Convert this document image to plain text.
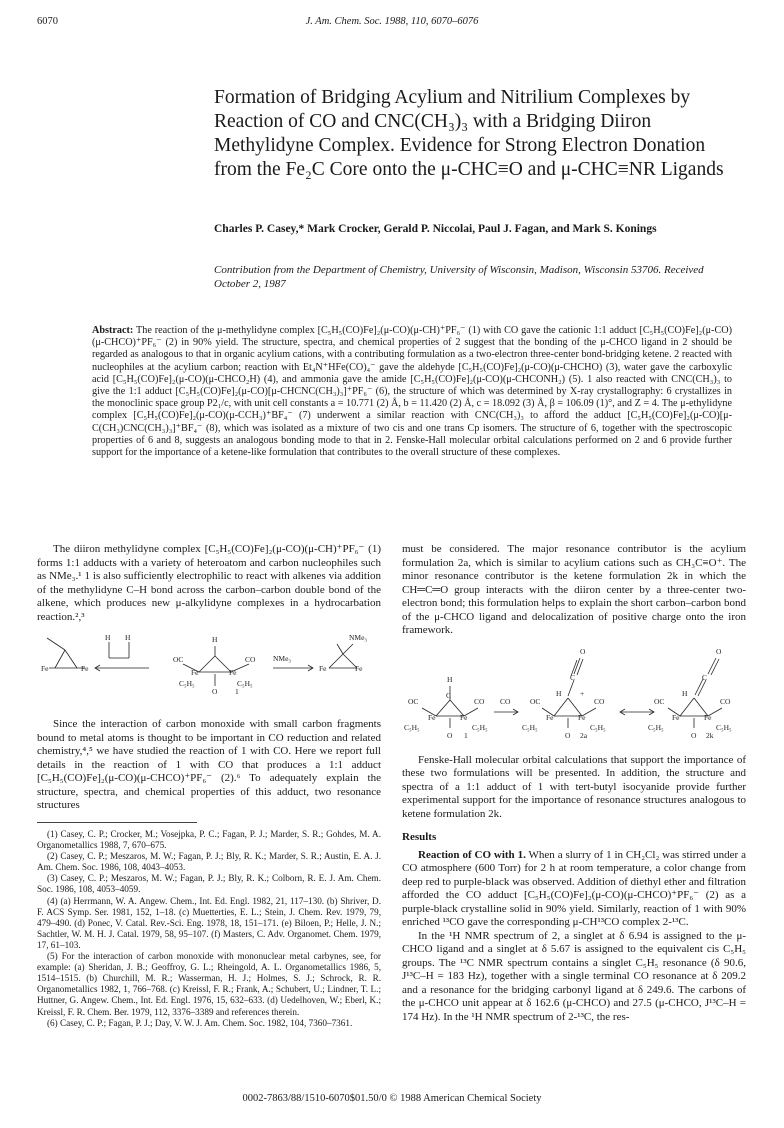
6070	J. Am. Chem. Soc. 1988, 110, 6070–6076
Formation of Bridging Acylium and Nitrilium Complexes by Reaction of CO and CNC(CH₃)₃ with a Bridging Diiron Methylidyne Complex. Evidence for Strong Electron Donation from the Fe₂C Core onto the μ-CHC≡O and μ-CHC≡NR Ligands
Charles P. Casey,* Mark Crocker, Gerald P. Niccolai, Paul J. Fagan, and Mark S. Konings
Contribution from the Department of Chemistry, University of Wisconsin, Madison, Wisconsin 53706. Received October 2, 1987
Abstract: The reaction of the μ-methylidyne complex [C₅H₅(CO)Fe]₂(μ-CO)(μ-CH)⁺PF₆⁻ (1) with CO gave the cationic 1:1 adduct [C₅H₅(CO)Fe]₂(μ-CO)(μ-CHCO)⁺PF₆⁻ (2) in 90% yield. The structure, spectra, and chemical properties of 2 suggest that the bonding of the μ-CHCO ligand in 2 should be regarded as analogous to that in organic acylium cations, with a contributing formulation as a two-electron three-center bond-bridging ketene. 2 reacted with nucleophiles at the acylium carbon; reaction with Et₄N⁺HFe(CO)₄⁻ gave the aldehyde [C₅H₅(CO)Fe]₂(μ-CO)(μ-CHCHO) (3), water gave the carboxylic acid [C₅H₅(CO)Fe]₂(μ-CO)(μ-CHCO₂H) (4), and ammonia gave the amide [C₅H₅(CO)Fe]₂(μ-CO)(μ-CHCONH₂) (5). 1 also reacted with CNC(CH₃)₃ to give the 1:1 adduct [C₅H₅(CO)Fe]₂(μ-CO)[μ-CHCNC(CH₃)₃]⁺PF₆⁻ (6), the structure of which was determined by X-ray crystallography: 6 crystallizes in the monoclinic space group P2₁/c, with unit cell constants a = 10.771 (2) Å, b = 11.420 (2) Å, c = 18.092 (3) Å, β = 106.09 (1)°, and Z = 4. The μ-ethylidyne complex [C₅H₅(CO)Fe]₂(μ-CO)(μ-CCH₃)⁺BF₄⁻ (7) underwent a similar reaction with CNC(CH₃)₃ to afford the adduct [C₅H₅(CO)Fe]₂(μ-CO)[μ-C(CH₃)CNC(CH₃)₃]⁺BF₄⁻ (8), which was isolated as a mixture of two cis and one trans Cp isomers. The structure of 6, together with the spectroscopic properties of 6 and 8, suggests an analogous bonding mode to that in 2. Fenske-Hall molecular orbital calculations performed on 2 and 6 provide further support for the importance of a ketene-like formulation that contributes to the overall structure of these complexes.
The diiron methylidyne complex [C₅H₅(CO)Fe]₂(μ-CO)(μ-CH)⁺PF₆⁻ (1) forms 1:1 adducts with a variety of heteroatom and carbon nucleophiles such as NMe₃.¹ 1 is also sufficiently electrophilic to react with alkenes via addition of the methylidyne C–H bond across the carbon–carbon double bond of the alkene, which produces new μ-alkylidyne complexes in a hydrocarbation reaction.²,³
H H
OC	CO NMe₃
H	NMe₃
Fe	Fe	Fe	Fe	Fe	Fe
C₅H₅	C₅H₅
O 1
Since the interaction of carbon monoxide with small carbon fragments bound to metal atoms is thought to be important in CO reduction and related chemistry,⁴,⁵ we have studied the reaction of 1 with CO. Here we report full details in the reaction of 1 with CO that produces a 1:1 adduct [C₅H₅(CO)Fe]₂(μ-CO)(μ-CHCO)⁺PF₆⁻ (2).⁶ To adequately explain the structure, spectra, and chemical properties of this adduct, two resonance structures
(1) Casey, C. P.; Crocker, M.; Vosejpka, P. C.; Fagan, P. J.; Marder, S. R.; Gohdes, M. A. Organometallics 1988, 7, 670–675.
(2) Casey, C. P.; Meszaros, M. W.; Fagan, P. J.; Bly, R. K.; Marder, S. R.; Austin, E. A. J. Am. Chem. Soc. 1986, 108, 4043–4053.
(3) Casey, C. P.; Meszaros, M. W.; Fagan, P. J.; Bly, R. K.; Colborn, R. E. J. Am. Chem. Soc. 1986, 108, 4053–4059.
(4) (a) Herrmann, W. A. Angew. Chem., Int. Ed. Engl. 1982, 21, 117–130. (b) Shriver, D. F. ACS Symp. Ser. 1981, 152, 1–18. (c) Muetterties, E. L.; Stein, J. Chem. Rev. 1979, 79, 479–490. (d) Ponec, V. Catal. Rev.-Sci. Eng. 1978, 18, 151–171. (e) Biloen, P.; Helle, J. N.; Sachtler, W. M. H. J. Catal. 1979, 58, 95–107. (f) Masters, C. Adv. Organomet. Chem. 1979, 17, 61–103.
(5) For the interaction of carbon monoxide with mononuclear metal carbynes, see, for example: (a) Sheridan, J. B.; Geoffroy, G. L.; Rheingold, A. L. Organometallics 1986, 5, 1514–1515. (b) Churchill, M. R.; Wasserman, H. J.; Holmes, S. J.; Schrock, R. R. Organometallics 1982, 1, 766–768. (c) Kreissl, F. R.; Frank, A.; Schubert, U.; Lindner, T. L.; Huttner, G. Angew. Chem., Int. Ed. Engl. 1976, 15, 632–633. (d) Uedelhoven, W.; Eberl, K.; Kreissl, F. R. Chem. Ber. 1979, 112, 3376–3389 and references therein.
(6) Casey, C. P.; Fagan, P. J.; Day, V. W. J. Am. Chem. Soc. 1982, 104, 7360–7361.
must be considered. The major resonance contributor is the acylium formulation 2a, which is similar to acylium cations such as CH₃C≡O⁺. The minor resonance contributor is the ketene formulation 2k in which the CH═C═O group interacts with the diiron center by a three-center two-electron bond; this formulation helps to explain the short carbon–carbon bond of the μ-CHCO ligand and delocalization of positive charge onto the iron framework.
O	O
H	C
H
C
H
C	+
OC	CO CO	OC	CO	OC	CO
Fe	Fe	Fe	Fe	Fe	Fe
C₅H₅	C₅H₅	C₅H₅	C₅H₅	C₅H₅	C₅H₅
O 1	O 2a	O 2k
Fenske-Hall molecular orbital calculations that support the importance of these two formulations will be presented. In addition, the structure and spectra of a 1:1 adduct of 1 with tert-butyl isocyanide provide further experimental support for the importance of resonance structures analogous to ketene formulation 2k.
Results
Reaction of CO with 1. When a slurry of 1 in CH₂Cl₂ was stirred under a CO atmosphere (600 Torr) for 2 h at room temperature, a color change from deep red to purple-black was observed. Addition of diethyl ether and filtration afforded the CO adduct [C₅H₅(CO)Fe]₂(μ-CO)(μ-CHCO)⁺PF₆⁻ (2) as a purple-black crystalline solid in 90% yield. Similarly, reaction of 1 with 90% enriched ¹³CO gave the corresponding μ-CH¹³CO complex 2-¹³C.
In the ¹H NMR spectrum of 2, a singlet at δ 6.94 is assigned to the μ-CHCO ligand and a singlet at δ 5.67 is assigned to the equivalent cis C₅H₅ groups. The ¹³C NMR spectrum contains a singlet C₅H₅ resonance (δ 90.6, J¹³C–H = 183 Hz), together with a single terminal CO resonance at δ 209.2 and a resonance for the bridging carbonyl ligand at δ 249.6. The carbons of the μ-CHCO unit appear at δ 162.6 (μ-CHCO) and 27.5 (μ-CHCO, J¹³C–H = 174 Hz). In the ¹H NMR spectrum of 2-¹³C, the res-
0002-7863/88/1510-6070$01.50/0 © 1988 American Chemical Society
